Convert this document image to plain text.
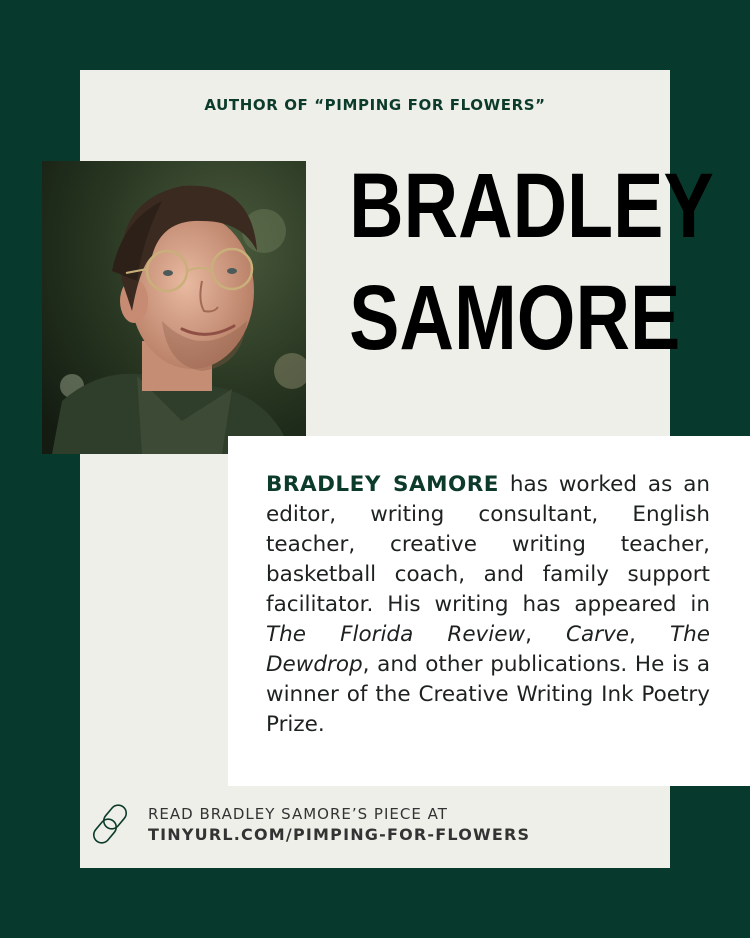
AUTHOR OF “PIMPING FOR FLOWERS”
BRADLEY
SAMORE
BRADLEY SAMORE has worked as an editor, writing consultant, English teacher, creative writing teacher, basketball coach, and family support facilitator. His writing has appeared in The Florida Review, Carve, The Dewdrop, and other publications. He is a winner of the Creative Writing Ink Poetry Prize.
READ BRADLEY SAMORE’S PIECE AT
TINYURL.COM/PIMPING-FOR-FLOWERS
